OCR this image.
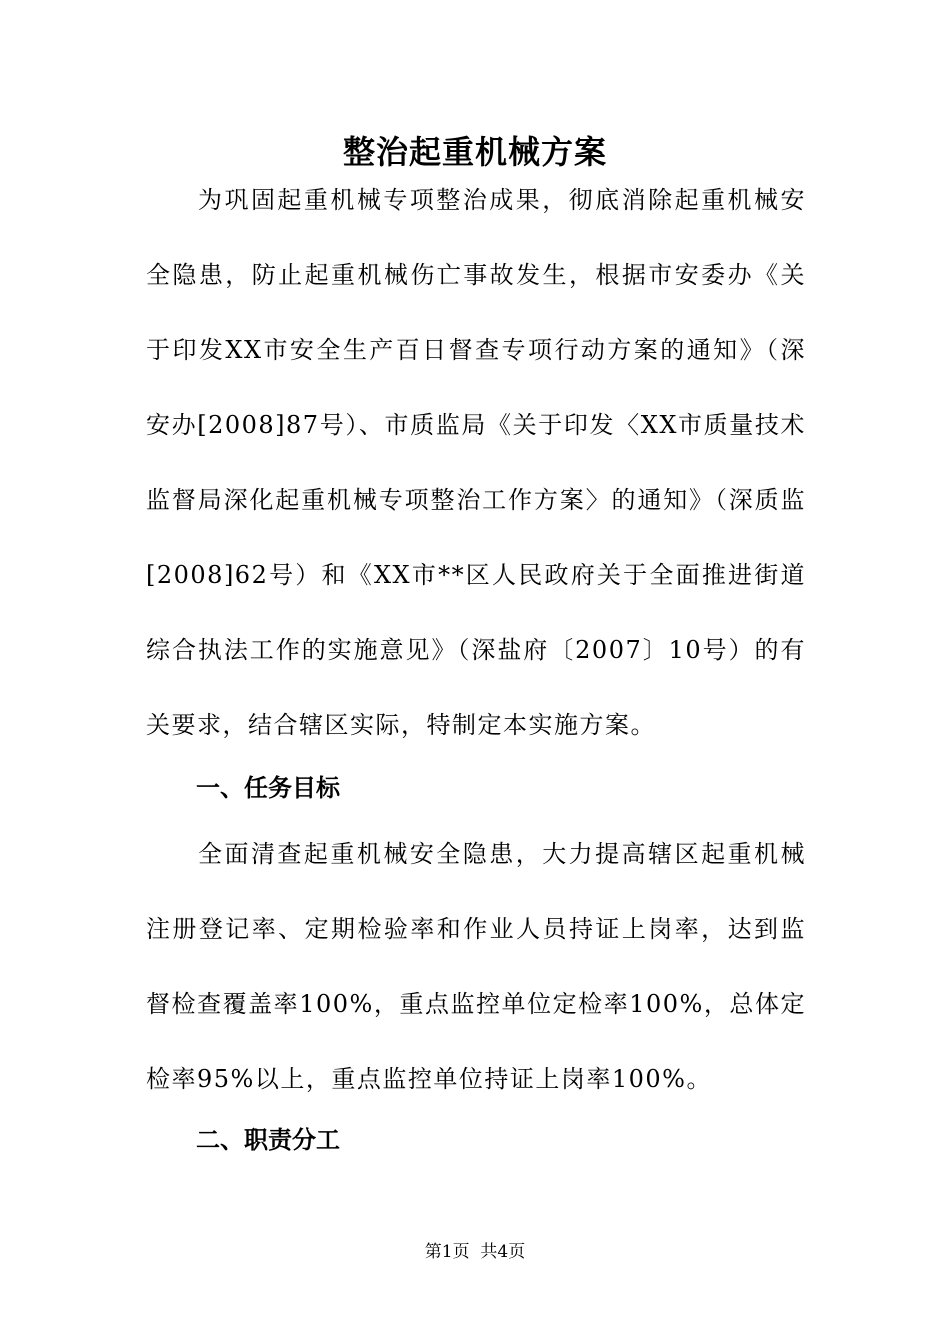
整治起重机械方案

为巩固起重机械专项整治成果，彻底消除起重机械安全隐患，防止起重机械伤亡事故发生，根据市安委办《关于印发XX市安全生产百日督查专项行动方案的通知》（深安办[2008]87号）、市质监局《关于印发〈XX市质量技术监督局深化起重机械专项整治工作方案〉的通知》（深质监[2008]62号）和《XX市**区人民政府关于全面推进街道综合执法工作的实施意见》（深盐府〔2007〕10号）的有关要求，结合辖区实际，特制定本实施方案。

一、任务目标

全面清查起重机械安全隐患，大力提高辖区起重机械注册登记率、定期检验率和作业人员持证上岗率，达到监督检查覆盖率100%，重点监控单位定检率100%，总体定检率95%以上，重点监控单位持证上岗率100%。

二、职责分工
第1页 共4页
